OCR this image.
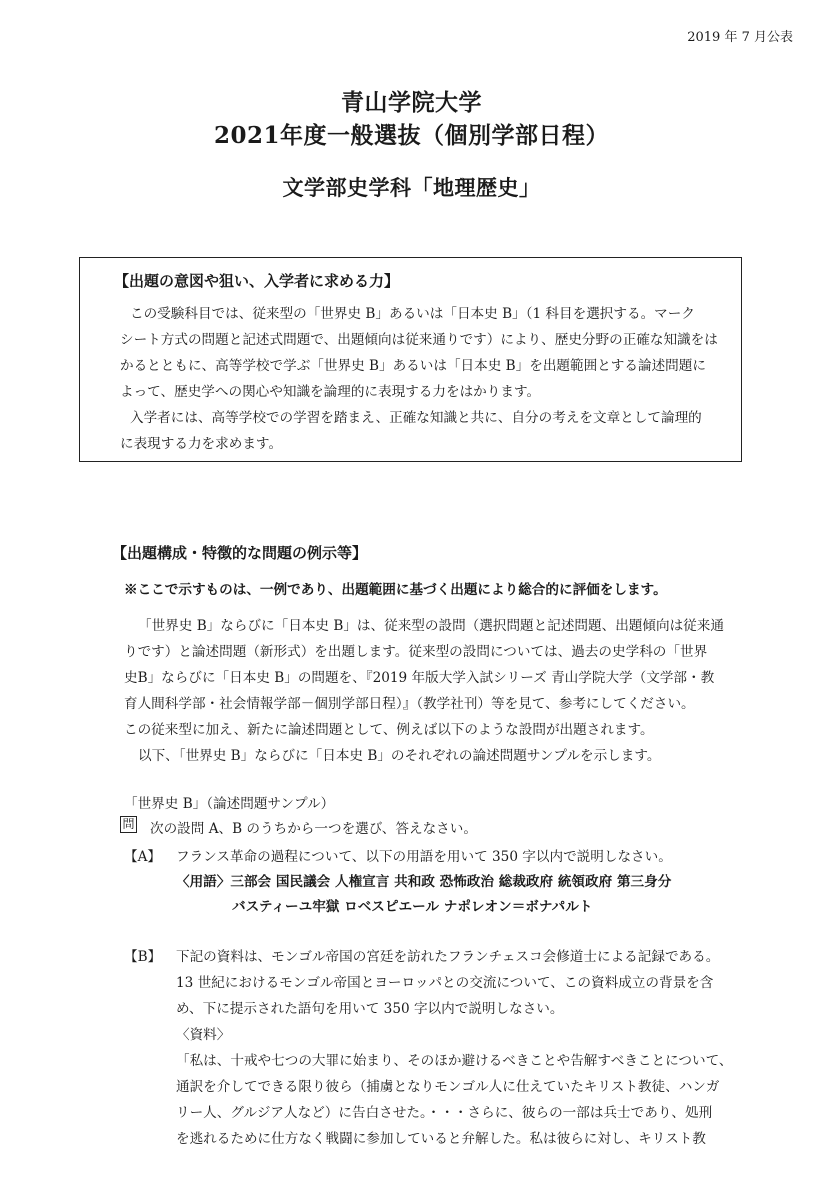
2019 年 7 月公表
青山学院大学
2021年度一般選抜（個別学部日程）
文学部史学科「地理歴史」
【出題の意図や狙い、入学者に求める力】
この受験科目では、従来型の「世界史 B」あるいは「日本史 B」（1 科目を選択する。マーク
シート方式の問題と記述式問題で、出題傾向は従来通りです）により、歴史分野の正確な知識をは
かるとともに、高等学校で学ぶ「世界史 B」あるいは「日本史 B」を出題範囲とする論述問題に
よって、歴史学への関心や知識を論理的に表現する力をはかります。
入学者には、高等学校での学習を踏まえ、正確な知識と共に、自分の考えを文章として論理的
に表現する力を求めます。
【出題構成・特徴的な問題の例示等】
※ここで示すものは、一例であり、出題範囲に基づく出題により総合的に評価をします。
「世界史 B」ならびに「日本史 B」は、従来型の設問（選択問題と記述問題、出題傾向は従来通
りです）と論述問題（新形式）を出題します。従来型の設問については、過去の史学科の「世界
史B」ならびに「日本史 B」の問題を、『2019 年版大学入試シリーズ 青山学院大学（文学部・教
育人間科学部・社会情報学部－個別学部日程）』（教学社刊）等を見て、参考にしてください。
この従来型に加え、新たに論述問題として、例えば以下のような設問が出題されます。
以下、「世界史 B」ならびに「日本史 B」のそれぞれの論述問題サンプルを示します。
「世界史 B」（論述問題サンプル）
問 次の設問 A、B のうちから一つを選び、答えなさい。
【A】 フランス革命の過程について、以下の用語を用いて 350 字以内で説明しなさい。
〈用語〉三部会 国民議会 人権宣言 共和政 恐怖政治 総裁政府 統領政府 第三身分
バスティーユ牢獄 ロベスピエール ナポレオン＝ボナパルト
【B】 下記の資料は、モンゴル帝国の宮廷を訪れたフランチェスコ会修道士による記録である。
13 世紀におけるモンゴル帝国とヨーロッパとの交流について、この資料成立の背景を含
め、下に提示された語句を用いて 350 字以内で説明しなさい。
〈資料〉
「私は、十戒や七つの大罪に始まり、そのほか避けるべきことや告解すべきことについて、
通訳を介してできる限り彼ら（捕虜となりモンゴル人に仕えていたキリスト教徒、ハンガ
リー人、グルジア人など）に告白させた。・・・さらに、彼らの一部は兵士であり、処刑
を逃れるために仕方なく戦闘に参加していると弁解した。私は彼らに対し、キリスト教
